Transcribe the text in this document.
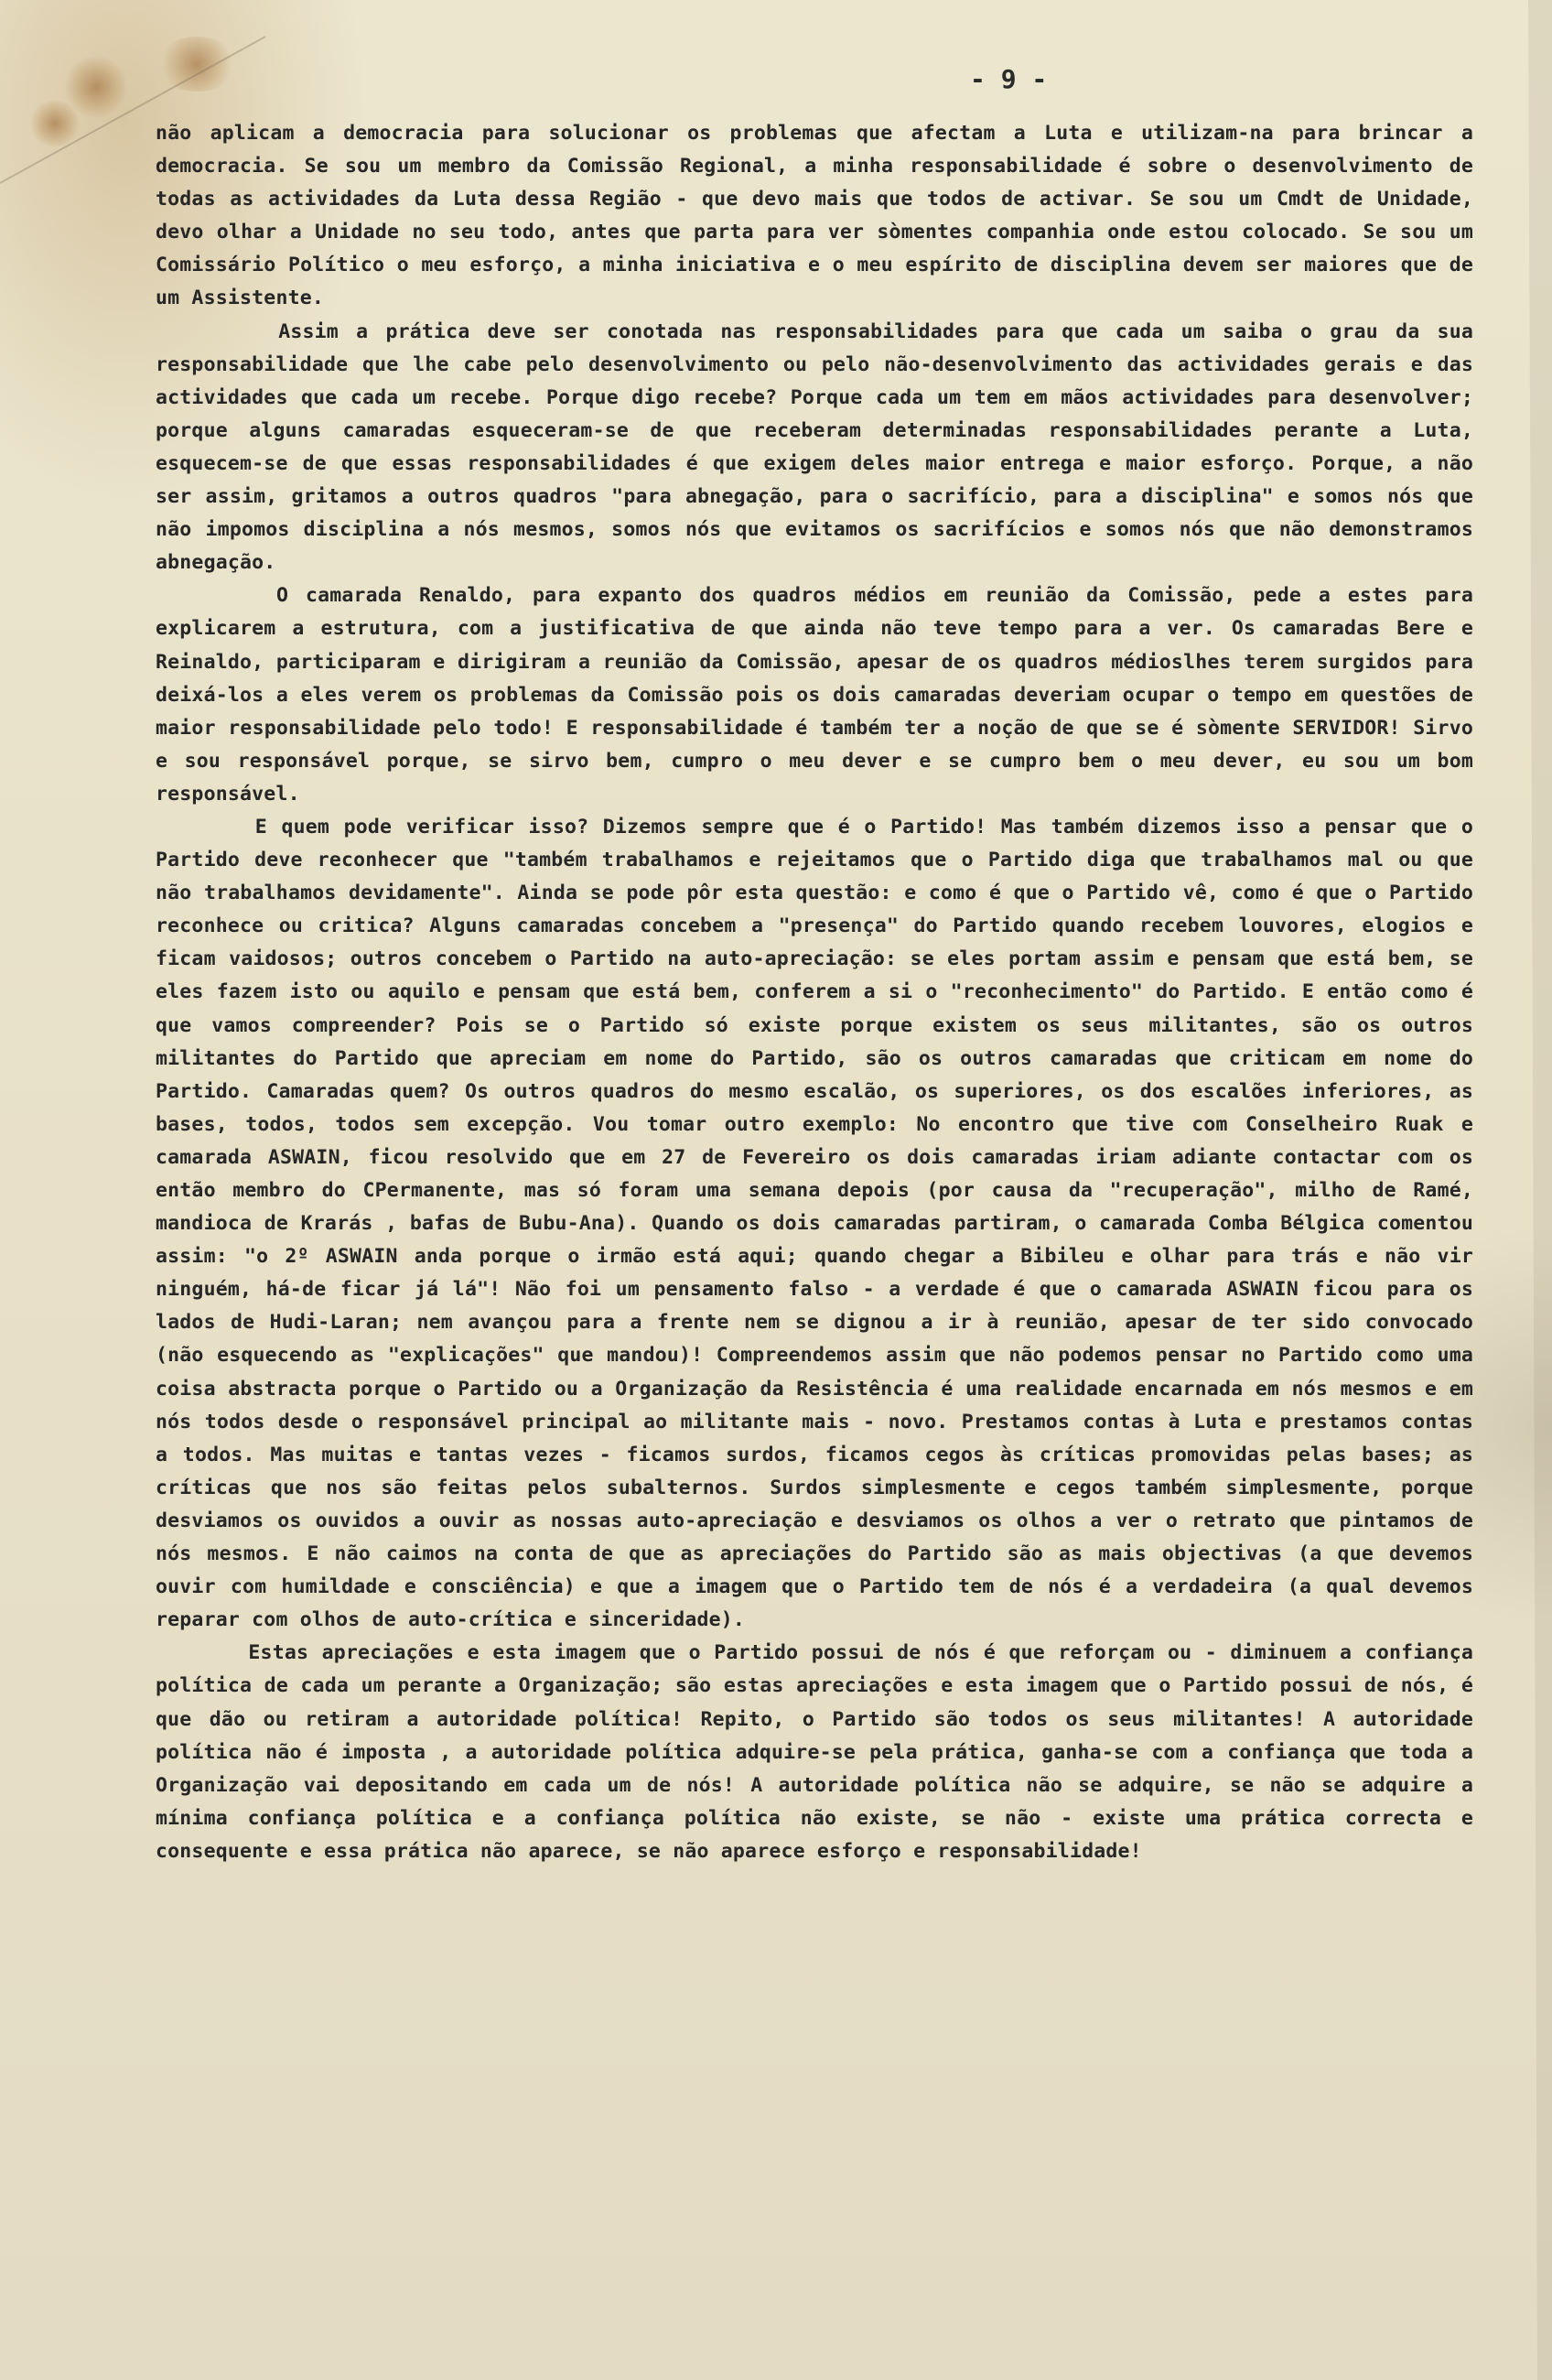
- 9 -

não aplicam a democracia para solucionar os problemas que afectam a Luta e utilizam-na para brincar a democracia. Se sou um membro da Comissão Regional, a minha responsabilidade é sobre o desenvolvimento de todas as actividades da Luta dessa Região - que devo mais que todos de activar. Se sou um Cmdt de Unidade, devo olhar a Unidade no seu todo, antes que parta para ver sòmentes companhia onde estou colocado. Se sou um Comissário Político o meu esforço, a minha iniciativa e o meu espírito de disciplina devem ser maiores que de um Assistente.

Assim a prática deve ser conotada nas responsabilidades para que cada um saiba o grau da sua responsabilidade que lhe cabe pelo desenvolvimento ou pelo não-desenvolvimento das actividades gerais e das actividades que cada um recebe. Porque digo recebe? Porque cada um tem em mãos actividades para desenvolver; porque alguns camaradas esqueceram-se de que receberam determinadas responsabilidades perante a Luta, esquecem-se de que essas responsabilidades é que exigem deles maior entrega e maior esforço. Porque, a não ser assim, gritamos a outros quadros "para abnegação, para o sacrifício, para a disciplina" e somos nós que não impomos disciplina a nós mesmos, somos nós que evitamos os sacrifícios e somos nós que não demonstramos abnegação.

O camarada Renaldo, para expanto dos quadros médios em reunião da Comissão, pede a estes para explicarem a estrutura, com a justificativa de que ainda não teve tempo para a ver. Os camaradas Bere e Reinaldo, participaram e dirigiram a reunião da Comissão, apesar de os quadros médioslhes terem surgidos para deixá-los a eles verem os problemas da Comissão pois os dois camaradas deveriam ocupar o tempo em questões de maior responsabilidade pelo todo! E responsabilidade é também ter a noção de que se é sòmente SERVIDOR! Sirvo e sou responsável porque, se sirvo bem, cumpro o meu dever e se cumpro bem o meu dever, eu sou um bom responsável.

E quem pode verificar isso? Dizemos sempre que é o Partido! Mas também dizemos isso a pensar que o Partido deve reconhecer que "também trabalhamos e rejeitamos que o Partido diga que trabalhamos mal ou que não trabalhamos devidamente". Ainda se pode pôr esta questão: e como é que o Partido vê, como é que o Partido reconhece ou critica? Alguns camaradas concebem a "presença" do Partido quando recebem louvores, elogios e ficam vaidosos; outros concebem o Partido na auto-apreciação: se eles portam assim e pensam que está bem, se eles fazem isto ou aquilo e pensam que está bem, conferem a si o "reconhecimento" do Partido. E então como é que vamos compreender? Pois se o Partido só existe porque existem os seus militantes, são os outros militantes do Partido que apreciam em nome do Partido, são os outros camaradas que criticam em nome do Partido. Camaradas quem? Os outros quadros do mesmo escalão, os superiores, os dos escalões inferiores, as bases, todos, todos sem excepção. Vou tomar outro exemplo: No encontro que tive com Conselheiro Ruak e camarada ASWAIN, ficou resolvido que em 27 de Fevereiro os dois camaradas iriam adiante contactar com os então membro do CPermanente, mas só foram uma semana depois (por causa da "recuperação", milho de Ramé, mandioca de Krarás , bafas de Bubu-Ana). Quando os dois camaradas partiram, o camarada Comba Bélgica comentou assim: "o 2º ASWAIN anda porque o irmão está aqui; quando chegar a Bibileu e olhar para trás e não vir ninguém, há-de ficar já lá"! Não foi um pensamento falso - a verdade é que o camarada ASWAIN ficou para os lados de Hudi-Laran; nem avançou para a frente nem se dignou a ir à reunião, apesar de ter sido convocado (não esquecendo as "explicações" que mandou)! Compreendemos assim que não podemos pensar no Partido como uma coisa abstracta porque o Partido ou a Organização da Resistência é uma realidade encarnada em nós mesmos e em nós todos desde o responsável principal ao militante mais - novo. Prestamos contas à Luta e prestamos contas a todos. Mas muitas e tantas vezes - ficamos surdos, ficamos cegos às críticas promovidas pelas bases; as críticas que nos são feitas pelos subalternos. Surdos simplesmente e cegos também simplesmente, porque desviamos os ouvidos a ouvir as nossas auto-apreciação e desviamos os olhos a ver o retrato que pintamos de nós mesmos. E não caimos na conta de que as apreciações do Partido são as mais objectivas (a que devemos ouvir com humildade e consciência) e que a imagem que o Partido tem de nós é a verdadeira (a qual devemos reparar com olhos de auto-crítica e sinceridade).

Estas apreciações e esta imagem que o Partido possui de nós é que reforçam ou - diminuem a confiança política de cada um perante a Organização; são estas apreciações e esta imagem que o Partido possui de nós, é que dão ou retiram a autoridade política! Repito, o Partido são todos os seus militantes! A autoridade política não é imposta , a autoridade política adquire-se pela prática, ganha-se com a confiança que toda a Organização vai depositando em cada um de nós! A autoridade política não se adquire, se não se adquire a mínima confiança política e a confiança política não existe, se não - existe uma prática correcta e consequente e essa prática não aparece, se não aparece esforço e responsabilidade!
